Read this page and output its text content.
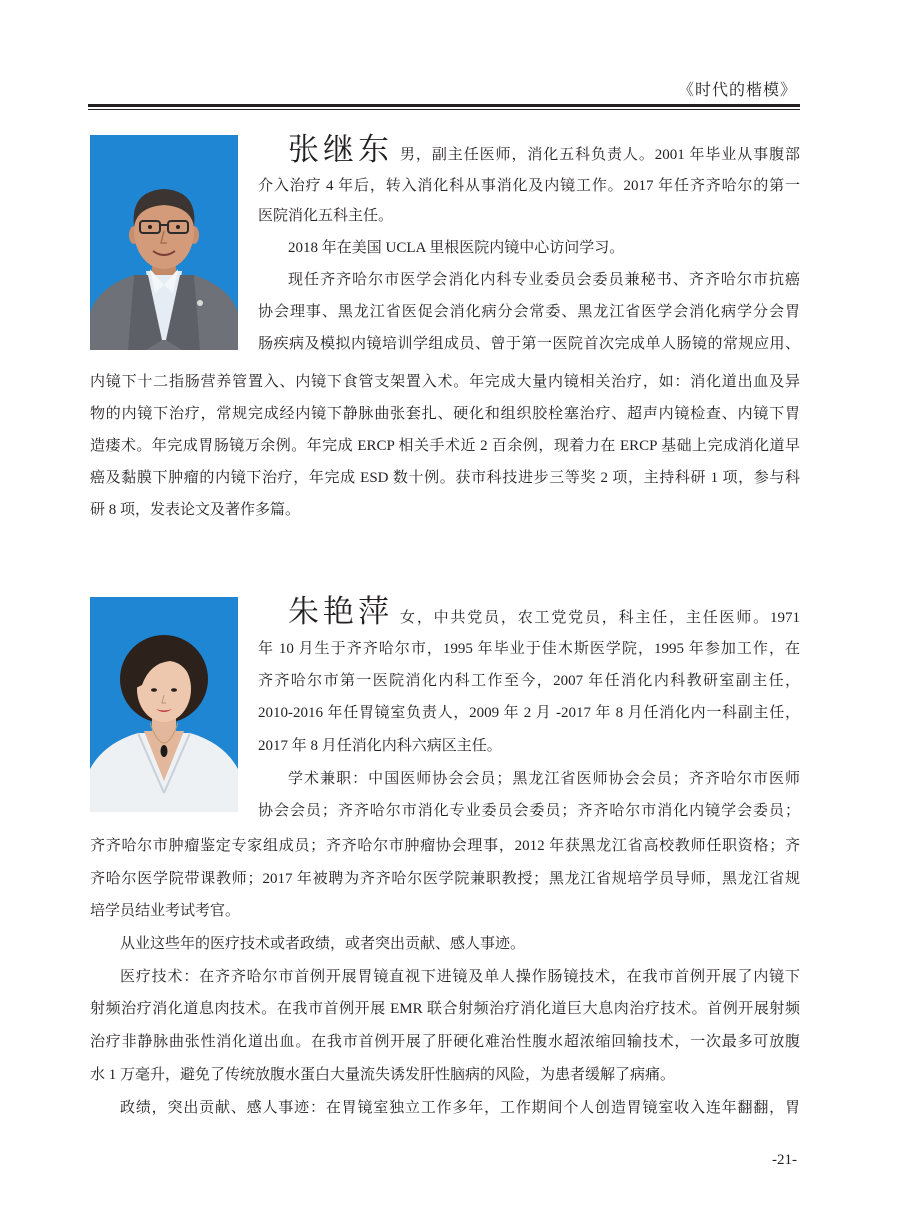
《时代的楷模》
张继东 男，副主任医师，消化五科负责人。2001 年毕业从事腹部
介入治疗 4 年后，转入消化科从事消化及内镜工作。2017 年任齐齐哈尔的第一
医院消化五科主任。
2018 年在美国 UCLA 里根医院内镜中心访问学习。
现任齐齐哈尔市医学会消化内科专业委员会委员兼秘书、齐齐哈尔市抗癌
协会理事、黑龙江省医促会消化病分会常委、黑龙江省医学会消化病学分会胃
肠疾病及模拟内镜培训学组成员、曾于第一医院首次完成单人肠镜的常规应用、
内镜下十二指肠营养管置入、内镜下食管支架置入术。年完成大量内镜相关治疗，如：消化道出血及异
物的内镜下治疗，常规完成经内镜下静脉曲张套扎、硬化和组织胶栓塞治疗、超声内镜检查、内镜下胃
造瘘术。年完成胃肠镜万余例。年完成 ERCP 相关手术近 2 百余例，现着力在 ERCP 基础上完成消化道早
癌及黏膜下肿瘤的内镜下治疗，年完成 ESD 数十例。获市科技进步三等奖 2 项，主持科研 1 项，参与科
研 8 项，发表论文及著作多篇。
朱艳萍 女，中共党员，农工党党员，科主任，主任医师。1971
年 10 月生于齐齐哈尔市，1995 年毕业于佳木斯医学院，1995 年参加工作，在
齐齐哈尔市第一医院消化内科工作至今，2007 年任消化内科教研室副主任，
2010-2016 年任胃镜室负责人，2009 年 2 月 -2017 年 8 月任消化内一科副主任，
2017 年 8 月任消化内科六病区主任。
学术兼职：中国医师协会会员；黑龙江省医师协会会员；齐齐哈尔市医师
协会会员；齐齐哈尔市消化专业委员会委员；齐齐哈尔市消化内镜学会委员；
齐齐哈尔市肿瘤鉴定专家组成员；齐齐哈尔市肿瘤协会理事，2012 年获黑龙江省高校教师任职资格；齐
齐哈尔医学院带课教师；2017 年被聘为齐齐哈尔医学院兼职教授；黑龙江省规培学员导师，黑龙江省规
培学员结业考试考官。
从业这些年的医疗技术或者政绩，或者突出贡献、感人事迹。
医疗技术：在齐齐哈尔市首例开展胃镜直视下进镜及单人操作肠镜技术，在我市首例开展了内镜下
射频治疗消化道息肉技术。在我市首例开展 EMR 联合射频治疗消化道巨大息肉治疗技术。首例开展射频
治疗非静脉曲张性消化道出血。在我市首例开展了肝硬化难治性腹水超浓缩回输技术，一次最多可放腹
水 1 万毫升，避免了传统放腹水蛋白大量流失诱发肝性脑病的风险，为患者缓解了病痛。
政绩，突出贡献、感人事迹：在胃镜室独立工作多年，工作期间个人创造胃镜室收入连年翻翻，胃
-21-
